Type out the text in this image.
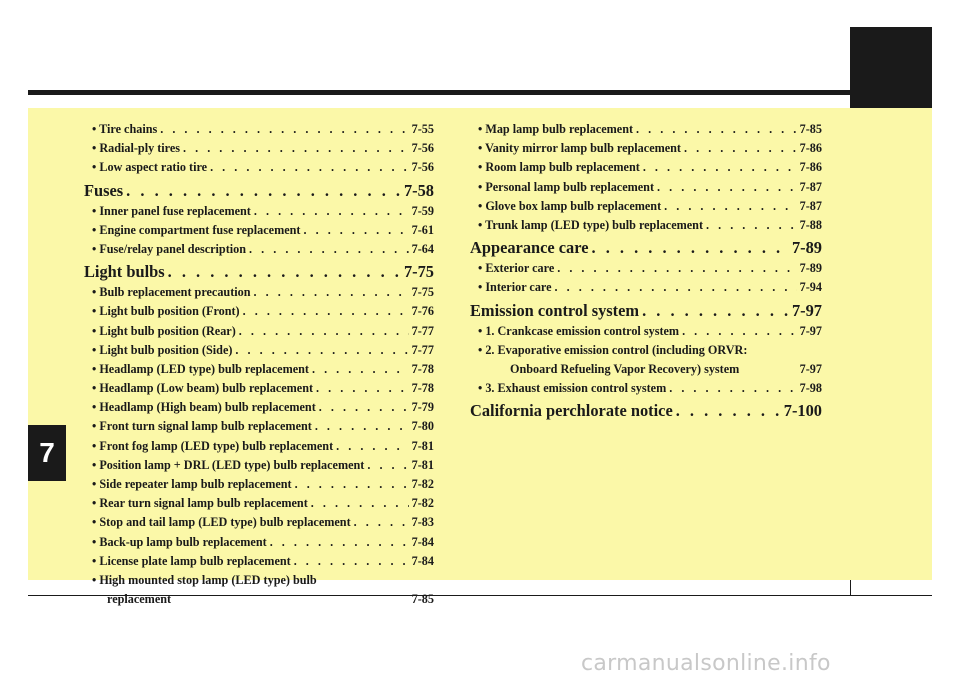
7
• Tire chains . . .	7-55
• Radial-ply tires . . .	7-56
• Low aspect ratio tire . . .	7-56
Fuses . . .	7-58
• Inner panel fuse replacement . . .	7-59
• Engine compartment fuse replacement . . .	7-61
• Fuse/relay panel description . . .	7-64
Light bulbs . . .	7-75
• Bulb replacement precaution . . .	7-75
• Light bulb position (Front) . . .	7-76
• Light bulb position (Rear) . . .	7-77
• Light bulb position (Side) . . .	7-77
• Headlamp (LED type) bulb replacement . . .	7-78
• Headlamp (Low beam) bulb replacement . . .	7-78
• Headlamp (High beam) bulb replacement . . .	7-79
• Front turn signal lamp bulb replacement . . .	7-80
• Front fog lamp (LED type) bulb replacement . . .	7-81
• Position lamp + DRL (LED type) bulb replacement . . .	7-81
• Side repeater lamp bulb replacement . . .	7-82
• Rear turn signal lamp bulb replacement . . .	7-82
• Stop and tail lamp (LED type) bulb replacement . . .	7-83
• Back-up lamp bulb replacement . . .	7-84
• License plate lamp bulb replacement . . .	7-84
• High mounted stop lamp (LED type) bulb
replacement	7-85
• Map lamp bulb replacement . . .	7-85
• Vanity mirror lamp bulb replacement . . .	7-86
• Room lamp bulb replacement . . .	7-86
• Personal lamp bulb replacement . . .	7-87
• Glove box lamp bulb replacement . . .	7-87
• Trunk lamp (LED type) bulb replacement . . .	7-88
Appearance care . . .	7-89
• Exterior care . . .	7-89
• Interior care . . .	7-94
Emission control system . . .	7-97
• 1. Crankcase emission control system . . .	7-97
• 2. Evaporative emission control (including ORVR:
Onboard Refueling Vapor Recovery) system	7-97
• 3. Exhaust emission control system . . .	7-98
California perchlorate notice . . .	7-100
carmanualsonline.info
